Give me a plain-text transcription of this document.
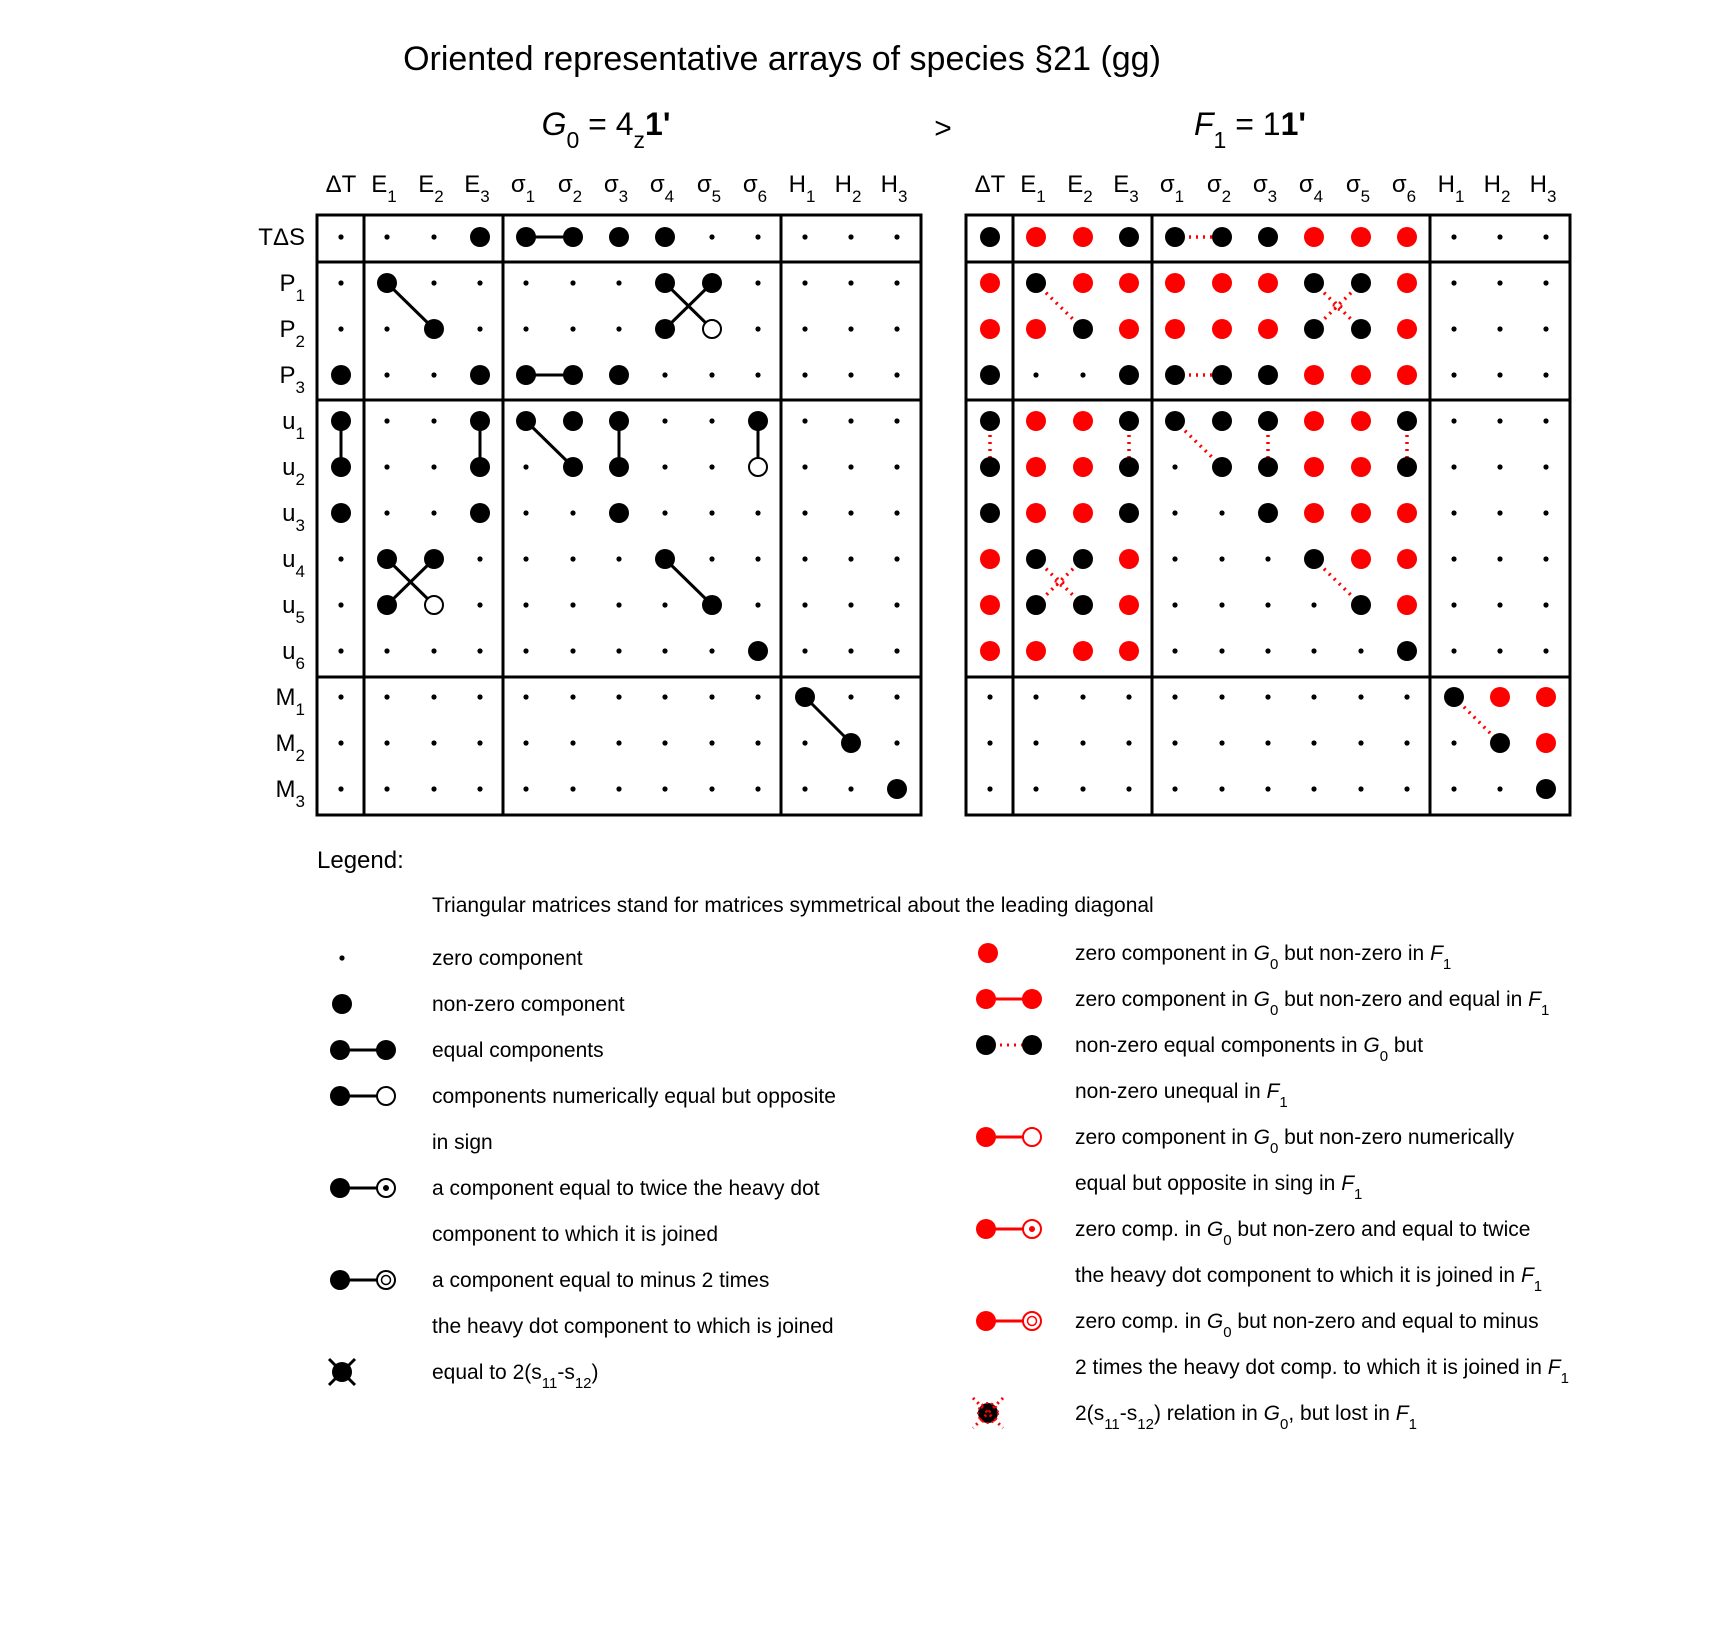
Oriented representative arrays of species §21 (gg)
$G_0 = 4_z1'$	>	$F_1 = 11'$
ΔT $E_1$ $E_2$ $E_3$ $\sigma_1$ $\sigma_2$ $\sigma_3$ $\sigma_4$ $\sigma_5$ $\sigma_6$ $H_1$ $H_2$ $H_3$
TΔS
$P_1$
$P_2$
$P_3$
$u_1$
$u_2$
$u_3$
$u_4$
$u_5$
$u_6$
$M_1$
$M_2$
$M_3$
ΔT $E_1$ $E_2$ $E_3$ $\sigma_1$ $\sigma_2$ $\sigma_3$ $\sigma_4$ $\sigma_5$ $\sigma_6$ $H_1$ $H_2$ $H_3$
Legend:
Triangular matrices stand for matrices symmetrical about the leading diagonal
zero component
non-zero component
equal components
components numerically equal but opposite
in sign
a component equal to twice the heavy dot
component to which it is joined
a component equal to minus 2 times
the heavy dot component to which is joined
equal to $2(s_{11}-s_{12})$
zero component in $G_0$ but non-zero in $F_1$
zero component in $G_0$ but non-zero and equal in $F_1$
non-zero equal components in $G_0$ but
non-zero unequal in $F_1$
zero component in $G_0$ but non-zero numerically
equal but opposite in sing in $F_1$
zero comp. in $G_0$ but non-zero and equal to twice
the heavy dot component to which it is joined in $F_1$
zero comp. in $G_0$ but non-zero and equal to minus
2 times the heavy dot comp. to which it is joined in $F_1$
$2(s_{11}-s_{12})$ relation in $G_0$, but lost in $F_1$
